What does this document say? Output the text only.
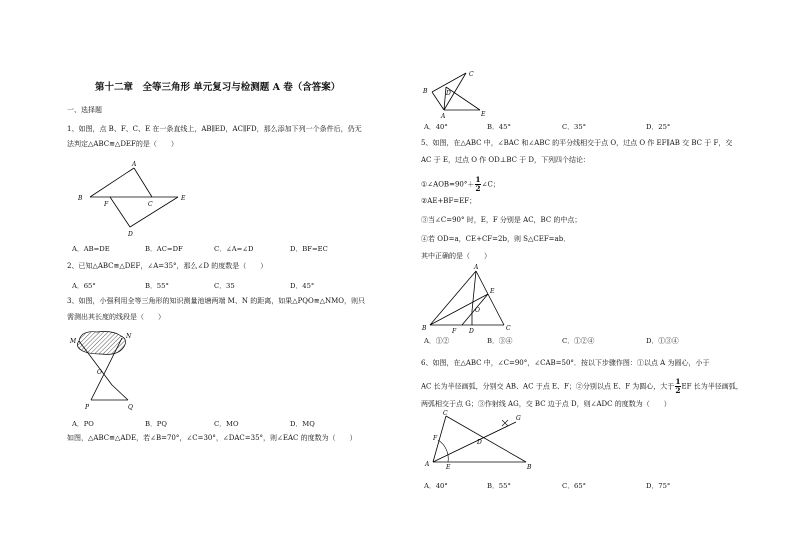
第十二章　全等三角形 单元复习与检测题 A 卷（含答案）
一、选择题
1、如图，点 B、F、C、E 在一条直线上，AB∥ED，AC∥FD，那么添加下列一个条件后，仍无
法判定△ABC≌△DEF的是（　　）
A
B
F	C
E
D
A．AB=DE	B．AC=DF	C．∠A=∠D	D．BF=EC
2、已知△ABC≌△DEF，∠A=35°，那么∠D 的度数是（　　）
A．65°	B．55°	C．35	D．45°
3、如图，小强利用全等三角形的知识测量池塘两端 M、N 的距离，如果△PQO≌△NMO，则只
需测出其长度的线段是（　　）
M
N
O
P	Q
A．PO	B．PQ	C．MO	D．MQ
如图，△ABC≌△ADE，若∠B=70°，∠C=30°，∠DAC=35°，则∠EAC 的度数为（　　）
C
B	D
A	E
A．40°	B．45°	C．35°	D．25°
5、如图，在△ABC 中，∠BAC 和∠ABC 的平分线相交于点 O，过点 O 作 EF∥AB 交 BC 于 F，交
AC 于 E，过点 O 作 OD⊥BC 于 D，下列四个结论：
①∠AOB=90°＋ $\frac{1}{2}$ ∠C；
②AE+BF=EF；
③当∠C=90° 时，E，F 分别是 AC，BC 的中点；
④若 OD=a，CE+CF=2b，则 S△CEF=ab．
其中正确的是（　　）
A
E
O
B	F D	C
A．①②	B．③④	C．①②④	D．①③④
6、如图，在△ABC 中，∠C=90°，∠CAB=50°．按以下步骤作图：①以点 A 为圆心，小于
AC 长为半径画弧，分别交 AB、AC 于点 E、F；②分别以点 E、F 为圆心，大于 $\frac{1}{2}$ EF 长为半径画弧，
两弧相交于点 G；③作射线 AG，交 BC 边于点 D，则∠ADC 的度数为（　　）
C
G
F
D
A	E	B
A．40°	B．55°	C．65°	D．75°
